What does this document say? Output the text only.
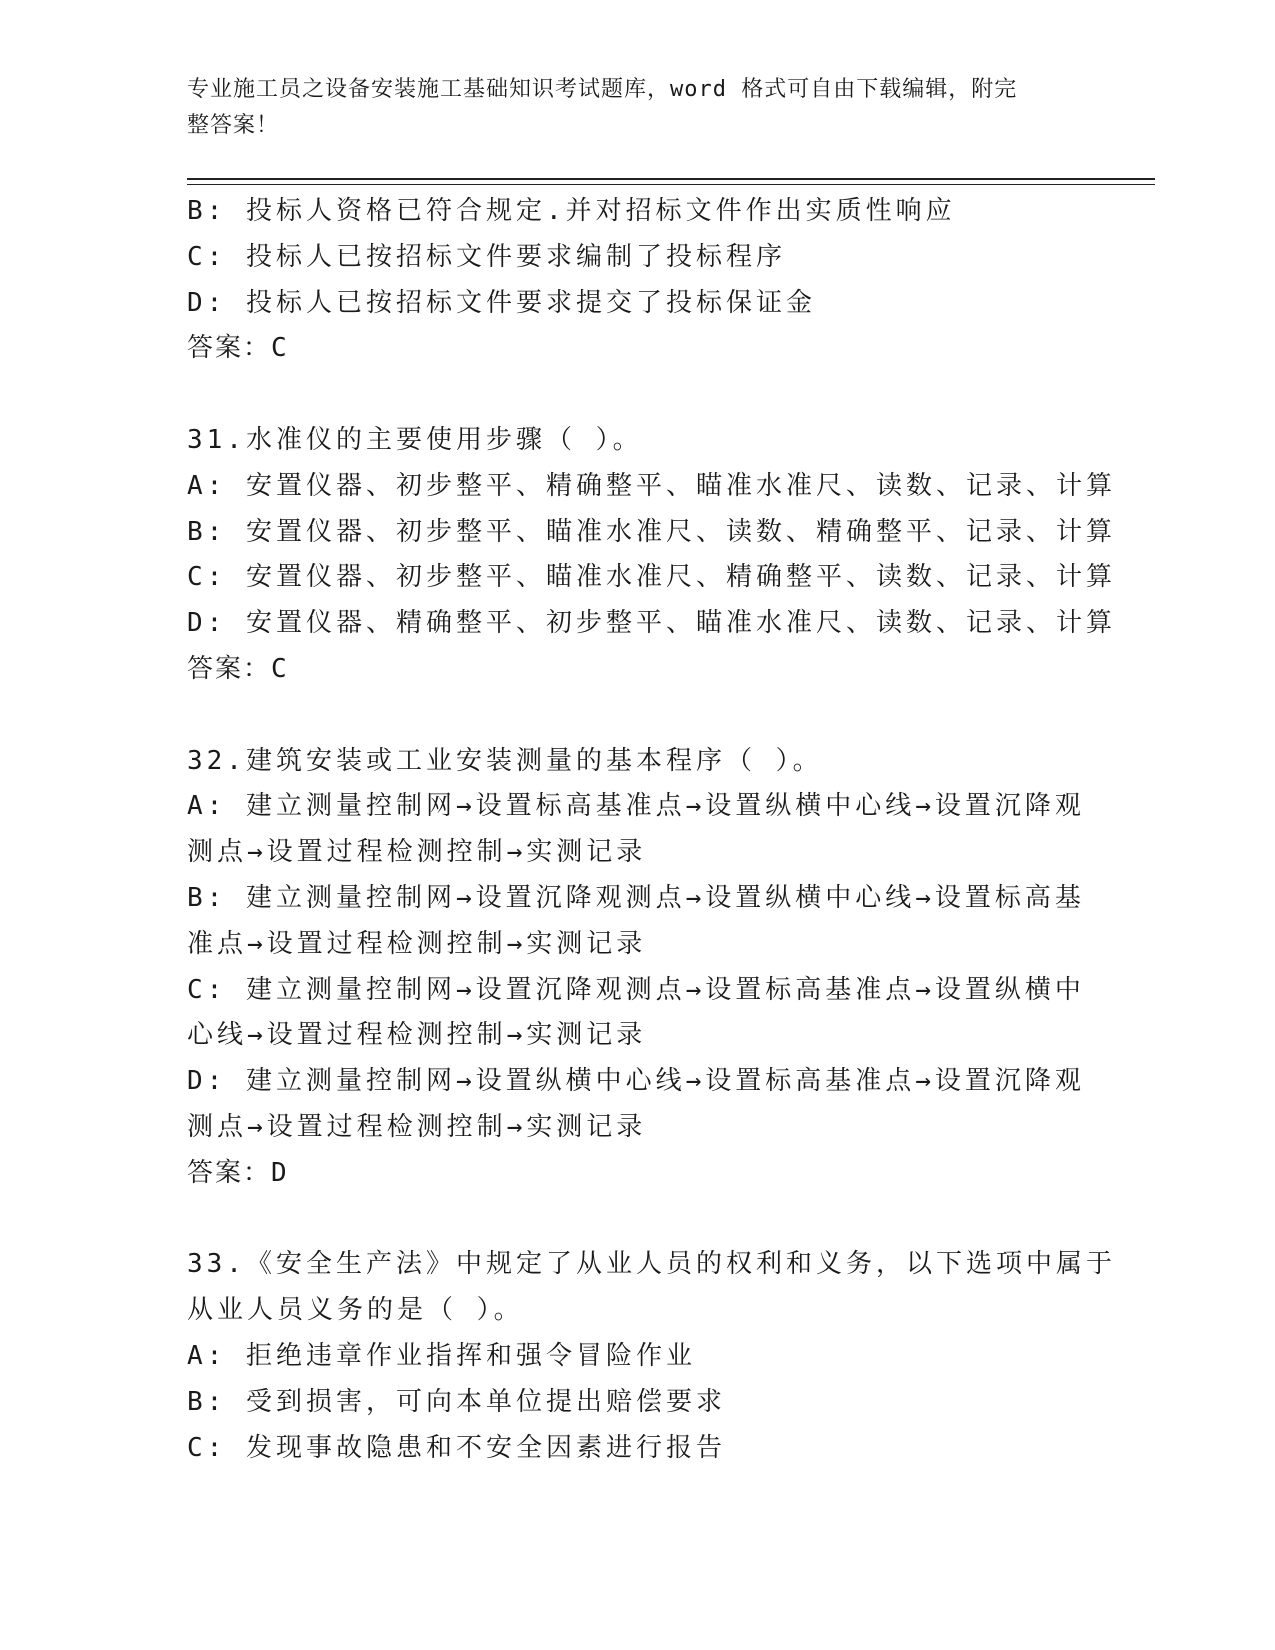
专业施工员之设备安装施工基础知识考试题库，word 格式可自由下载编辑，附完
整答案！
B: 投标人资格已符合规定.并对招标文件作出实质性响应
C: 投标人已按招标文件要求编制了投标程序
D: 投标人已按招标文件要求提交了投标保证金
答案：C
31.水准仪的主要使用步骤（ ）。
A: 安置仪器、初步整平、精确整平、瞄准水准尺、读数、记录、计算
B: 安置仪器、初步整平、瞄准水准尺、读数、精确整平、记录、计算
C: 安置仪器、初步整平、瞄准水准尺、精确整平、读数、记录、计算
D: 安置仪器、精确整平、初步整平、瞄准水准尺、读数、记录、计算
答案：C
32.建筑安装或工业安装测量的基本程序（ ）。
A: 建立测量控制网→设置标高基准点→设置纵横中心线→设置沉降观
测点→设置过程检测控制→实测记录
B: 建立测量控制网→设置沉降观测点→设置纵横中心线→设置标高基
准点→设置过程检测控制→实测记录
C: 建立测量控制网→设置沉降观测点→设置标高基准点→设置纵横中
心线→设置过程检测控制→实测记录
D: 建立测量控制网→设置纵横中心线→设置标高基准点→设置沉降观
测点→设置过程检测控制→实测记录
答案：D
33.《安全生产法》中规定了从业人员的权利和义务，以下选项中属于
从业人员义务的是（ ）。
A: 拒绝违章作业指挥和强令冒险作业
B: 受到损害，可向本单位提出赔偿要求
C: 发现事故隐患和不安全因素进行报告
